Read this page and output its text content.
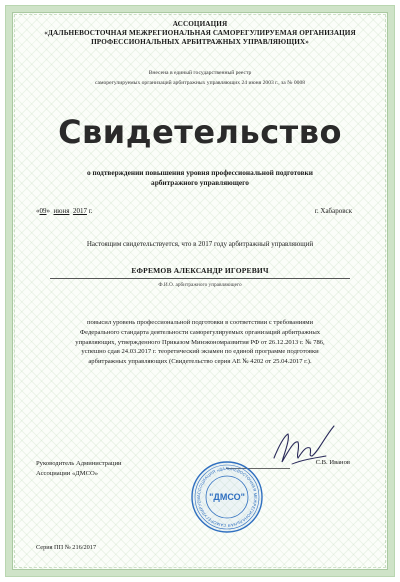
АССОЦИАЦИЯ
«ДАЛЬНЕВОСТОЧНАЯ МЕЖРЕГИОНАЛЬНАЯ САМОРЕГУЛИРУЕМАЯ ОРГАНИЗАЦИЯ
ПРОФЕССИОНАЛЬНЫХ АРБИТРАЖНЫХ УПРАВЛЯЮЩИХ»
Внесена в единый государственный реестр
саморегулируемых организаций арбитражных управляющих 24 июня 2003 г., за № 0008
Свидетельство
о подтверждении повышения уровня профессиональной подготовки
арбитражного управляющего
«09» июня 2017 г.	г. Хабаровск
Настоящим свидетельствуется, что в 2017 году арбитражный управляющий
ЕФРЕМОВ АЛЕКСАНДР ИГОРЕВИЧ
Ф.И.О. арбитражного управляющего
повысил уровень профессиональной подготовки в соответствии с требованиями
Федерального стандарта деятельности саморегулируемых организаций арбитражных
управляющих, утвержденного Приказом Минэкономразвития РФ от 26.12.2013 г. № 786,
успешно сдав 24.03.2017 г. теоретический экзамен по единой программе подготовки
арбитражных управляющих (Свидетельство серия АЕ № 4202 от 25.04.2017 г.).
Руководитель Администрации
Ассоциации «ДМСО»
С.В. Иванов
АССОЦИАЦИЯ «ДАЛЬНЕВОСТОЧНАЯ МЕЖРЕГИОНАЛЬНАЯ САМОРЕГУЛИРУЕМ "ДМСО"
Серия ПП № 216/2017
